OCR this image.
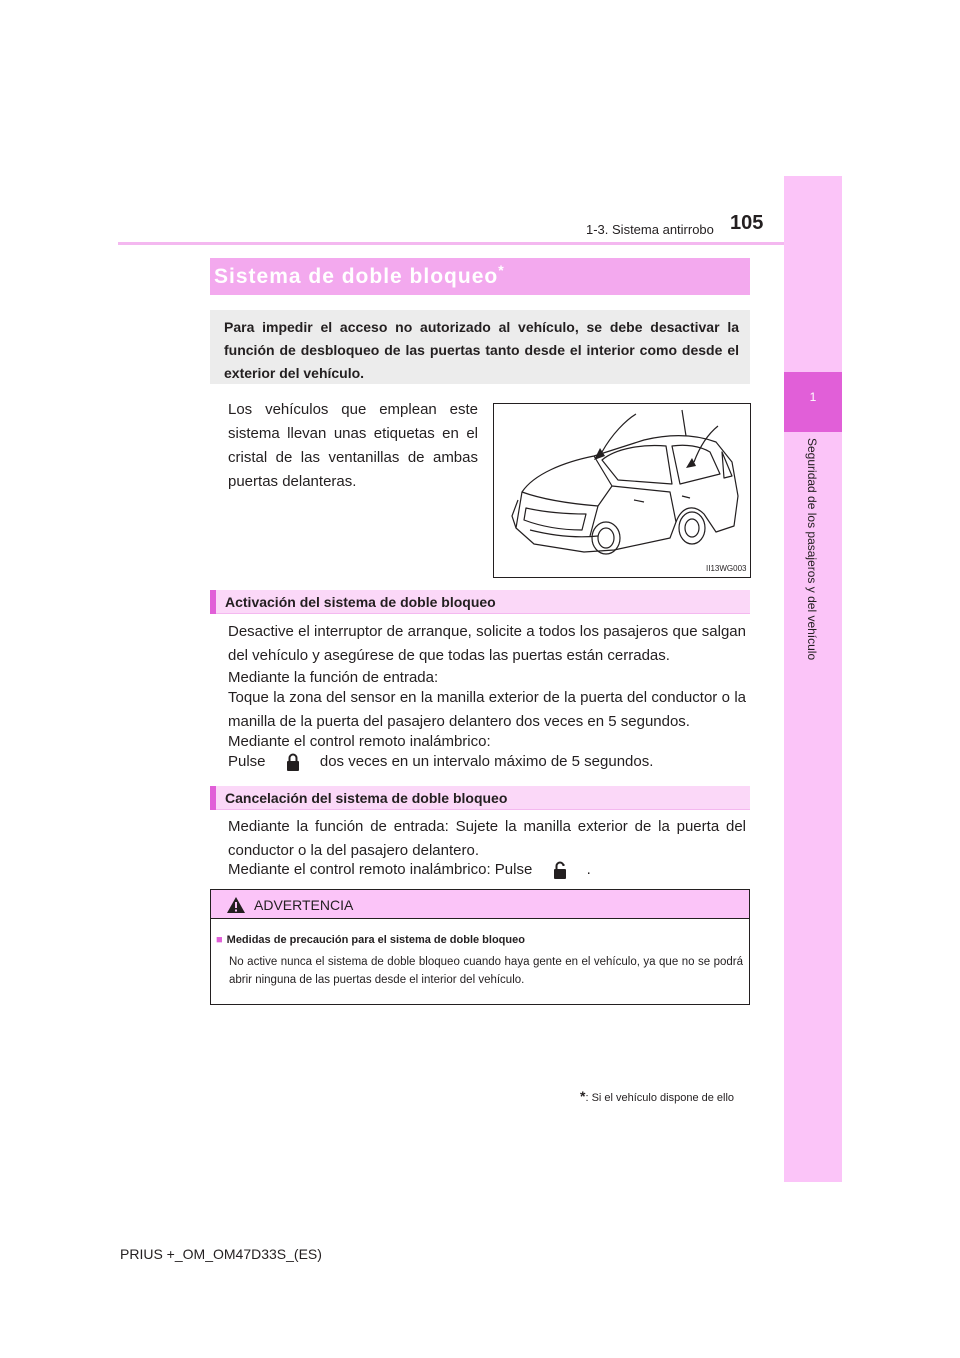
1-3. Sistema antirrobo 105
1
Seguridad de los pasajeros y del vehículo
Sistema de doble bloqueo*
Para impedir el acceso no autorizado al vehículo, se debe desactivar la función de desbloqueo de las puertas tanto desde el interior como desde el exterior del vehículo.
Los vehículos que emplean este sistema llevan unas etiquetas en el cristal de las ventanillas de ambas puertas delanteras.
II13WG003
Activación del sistema de doble bloqueo
Desactive el interruptor de arranque, solicite a todos los pasajeros que salgan del vehículo y asegúrese de que todas las puertas están cerradas.
Mediante la función de entrada:
Toque la zona del sensor en la manilla exterior de la puerta del conductor o la manilla de la puerta del pasajero delantero dos veces en 5 segundos.
Mediante el control remoto inalámbrico:
Pulse	dos veces en un intervalo máximo de 5 segundos.
Cancelación del sistema de doble bloqueo
Mediante la función de entrada: Sujete la manilla exterior de la puerta del conductor o la del pasajero delantero.
Mediante el control remoto inalámbrico: Pulse	.
ADVERTENCIA
■ Medidas de precaución para el sistema de doble bloqueo
No active nunca el sistema de doble bloqueo cuando haya gente en el vehículo, ya que no se podrá abrir ninguna de las puertas desde el interior del vehículo.
*: Si el vehículo dispone de ello
PRIUS +_OM_OM47D33S_(ES)
